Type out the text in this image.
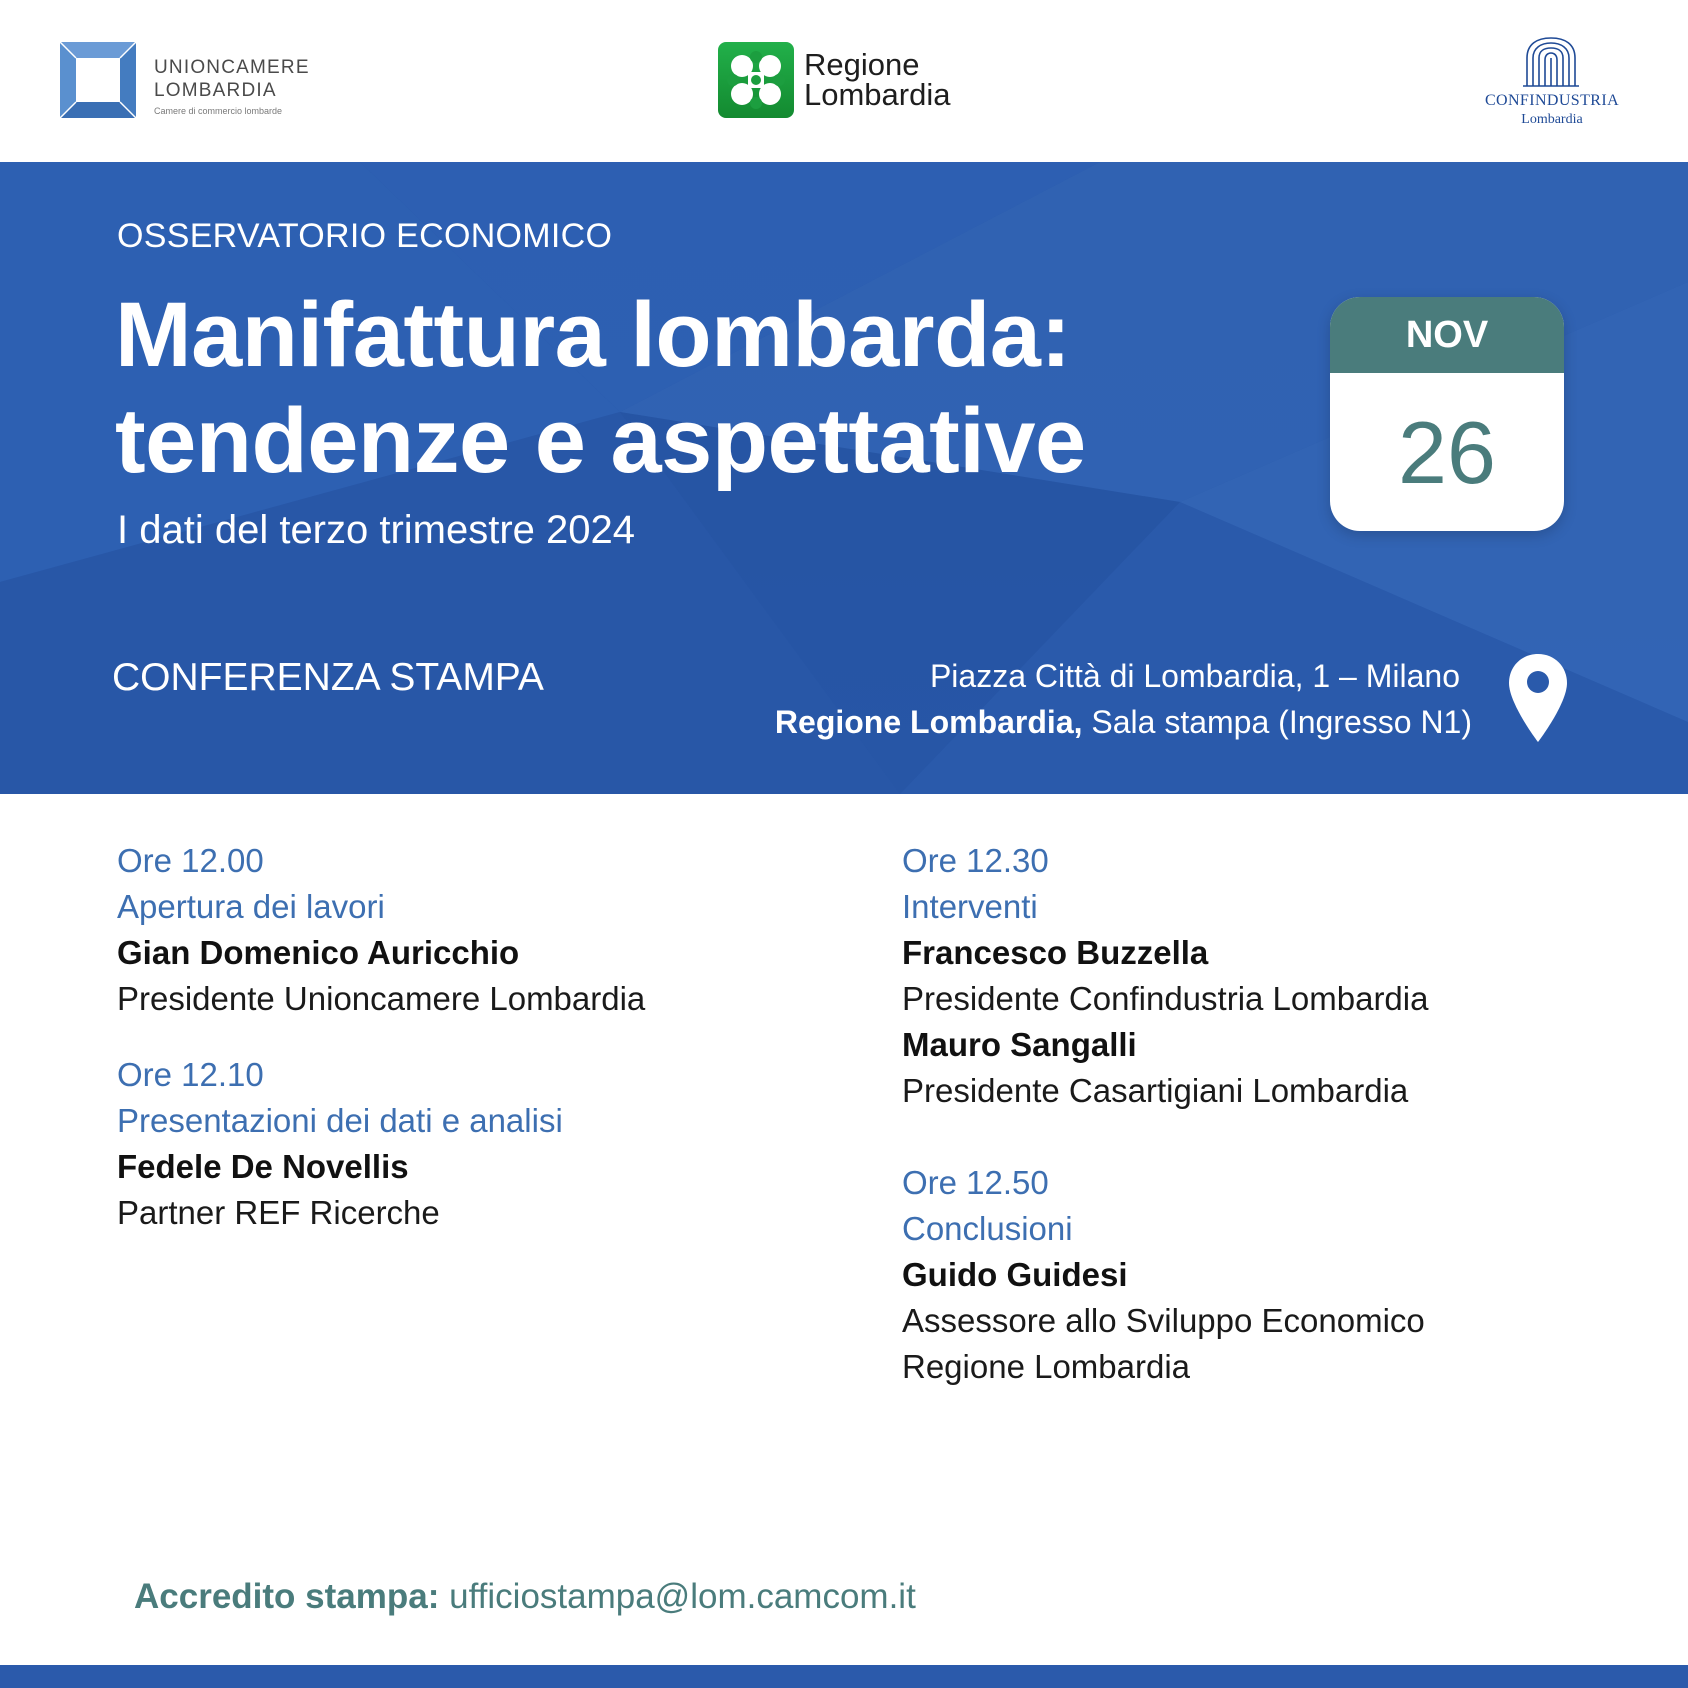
UNIONCAMERE
LOMBARDIA
Camere di commercio lombarde
Regione
Lombardia	CONFINDUSTRIA
Lombardia
OSSERVATORIO ECONOMICO
Manifattura lombarda:
tendenze e aspettative
I dati del terzo trimestre 2024
NOV
26
CONFERENZA STAMPA	Piazza Città di Lombardia, 1 – Milano
Regione Lombardia, Sala stampa (Ingresso N1)
Ore 12.00
Apertura dei lavori
Gian Domenico Auricchio
Presidente Unioncamere Lombardia
Ore 12.10
Presentazioni dei dati e analisi
Fedele De Novellis
Partner REF Ricerche
Ore 12.30
Interventi
Francesco Buzzella
Presidente Confindustria Lombardia
Mauro Sangalli
Presidente Casartigiani Lombardia
Ore 12.50
Conclusioni
Guido Guidesi
Assessore allo Sviluppo Economico
Regione Lombardia
Accredito stampa: ufficiostampa@lom.camcom.it
